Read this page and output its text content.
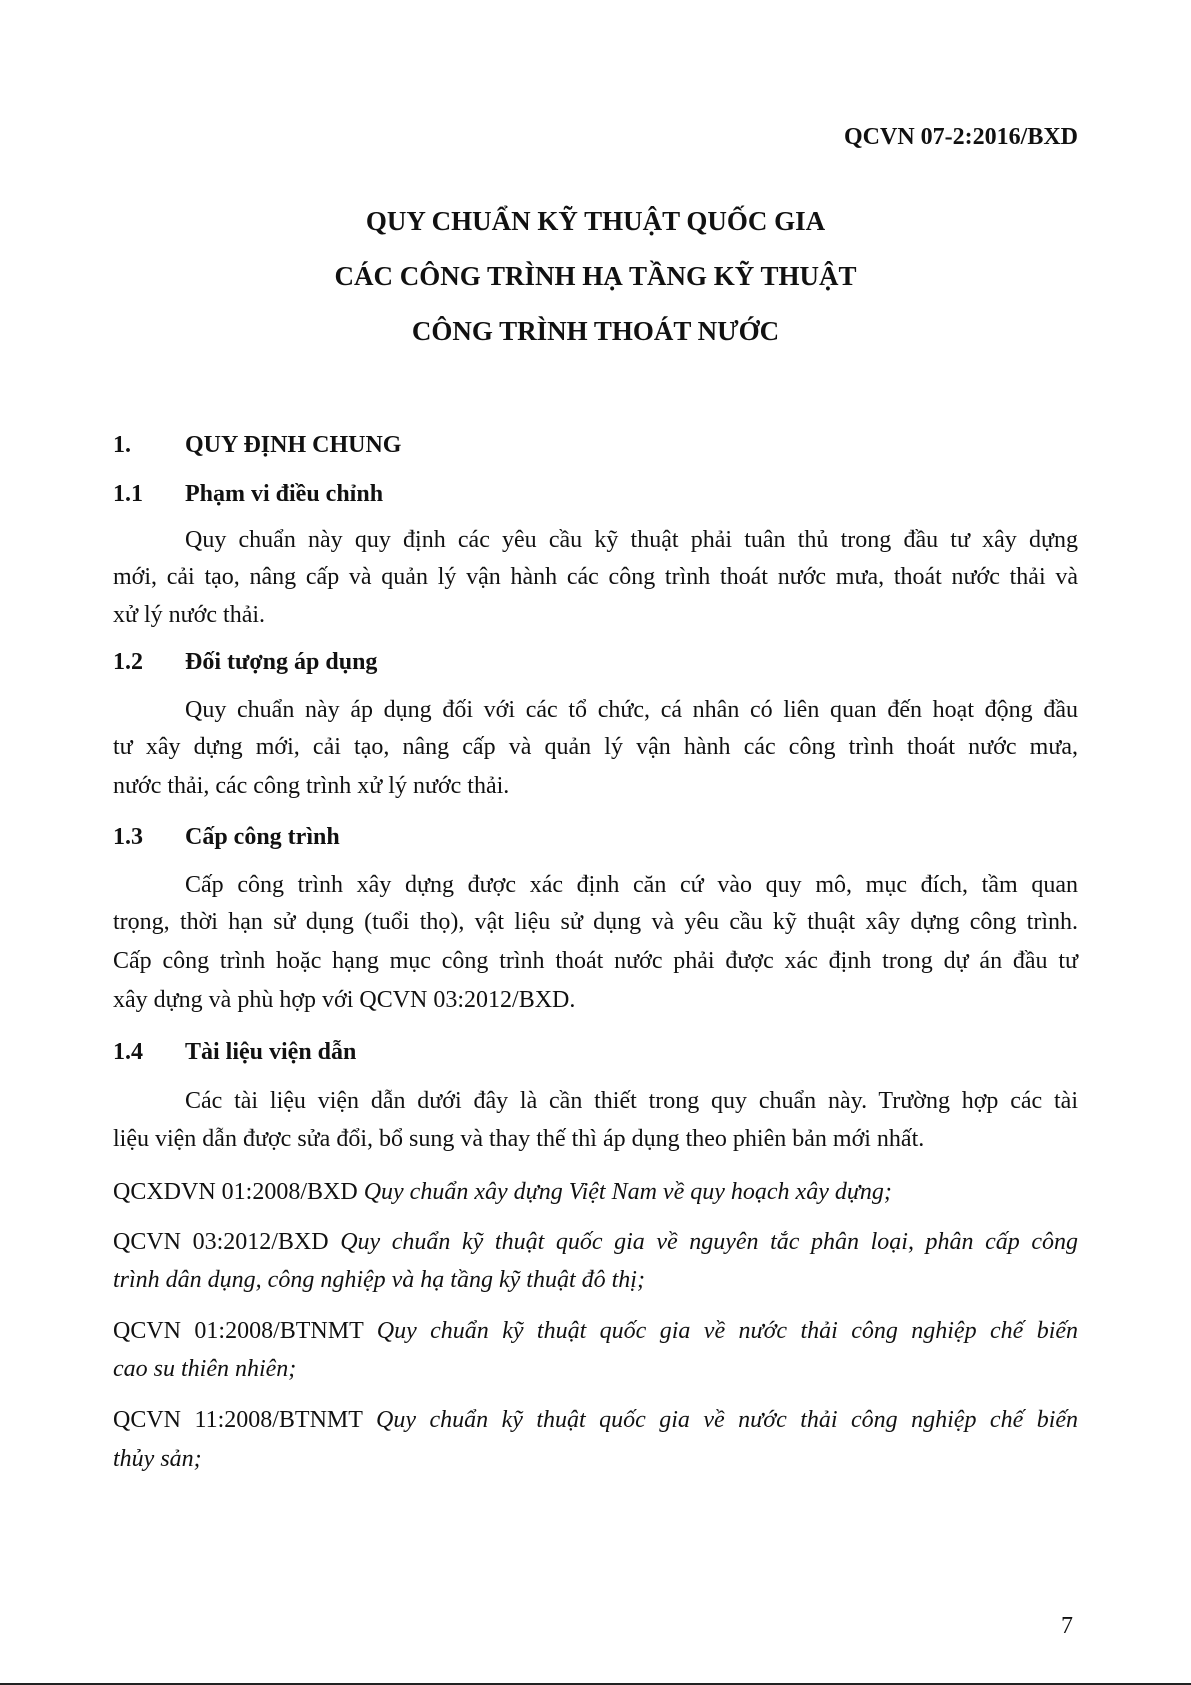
QCVN 07-2:2016/BXD
QUY CHUẨN KỸ THUẬT QUỐC GIA
CÁC CÔNG TRÌNH HẠ TẦNG KỸ THUẬT
CÔNG TRÌNH THOÁT NƯỚC
1. QUY ĐỊNH CHUNG
1.1 Phạm vi điều chỉnh
Quy chuẩn này quy định các yêu cầu kỹ thuật phải tuân thủ trong đầu tư xây dựng
mới, cải tạo, nâng cấp và quản lý vận hành các công trình thoát nước mưa, thoát nước thải và
xử lý nước thải.
1.2 Đối tượng áp dụng
Quy chuẩn này áp dụng đối với các tổ chức, cá nhân có liên quan đến hoạt động đầu
tư xây dựng mới, cải tạo, nâng cấp và quản lý vận hành các công trình thoát nước mưa,
nước thải, các công trình xử lý nước thải.
1.3 Cấp công trình
Cấp công trình xây dựng được xác định căn cứ vào quy mô, mục đích, tầm quan
trọng, thời hạn sử dụng (tuổi thọ), vật liệu sử dụng và yêu cầu kỹ thuật xây dựng công trình.
Cấp công trình hoặc hạng mục công trình thoát nước phải được xác định trong dự án đầu tư
xây dựng và phù hợp với QCVN 03:2012/BXD.
1.4 Tài liệu viện dẫn
Các tài liệu viện dẫn dưới đây là cần thiết trong quy chuẩn này. Trường hợp các tài
liệu viện dẫn được sửa đổi, bổ sung và thay thế thì áp dụng theo phiên bản mới nhất.
QCXDVN 01:2008/BXD Quy chuẩn xây dựng Việt Nam về quy hoạch xây dựng;
QCVN 03:2012/BXD Quy chuẩn kỹ thuật quốc gia về nguyên tắc phân loại, phân cấp công
trình dân dụng, công nghiệp và hạ tầng kỹ thuật đô thị;
QCVN 01:2008/BTNMT Quy chuẩn kỹ thuật quốc gia về nước thải công nghiệp chế biến
cao su thiên nhiên;
QCVN 11:2008/BTNMT Quy chuẩn kỹ thuật quốc gia về nước thải công nghiệp chế biến
thủy sản;
7
